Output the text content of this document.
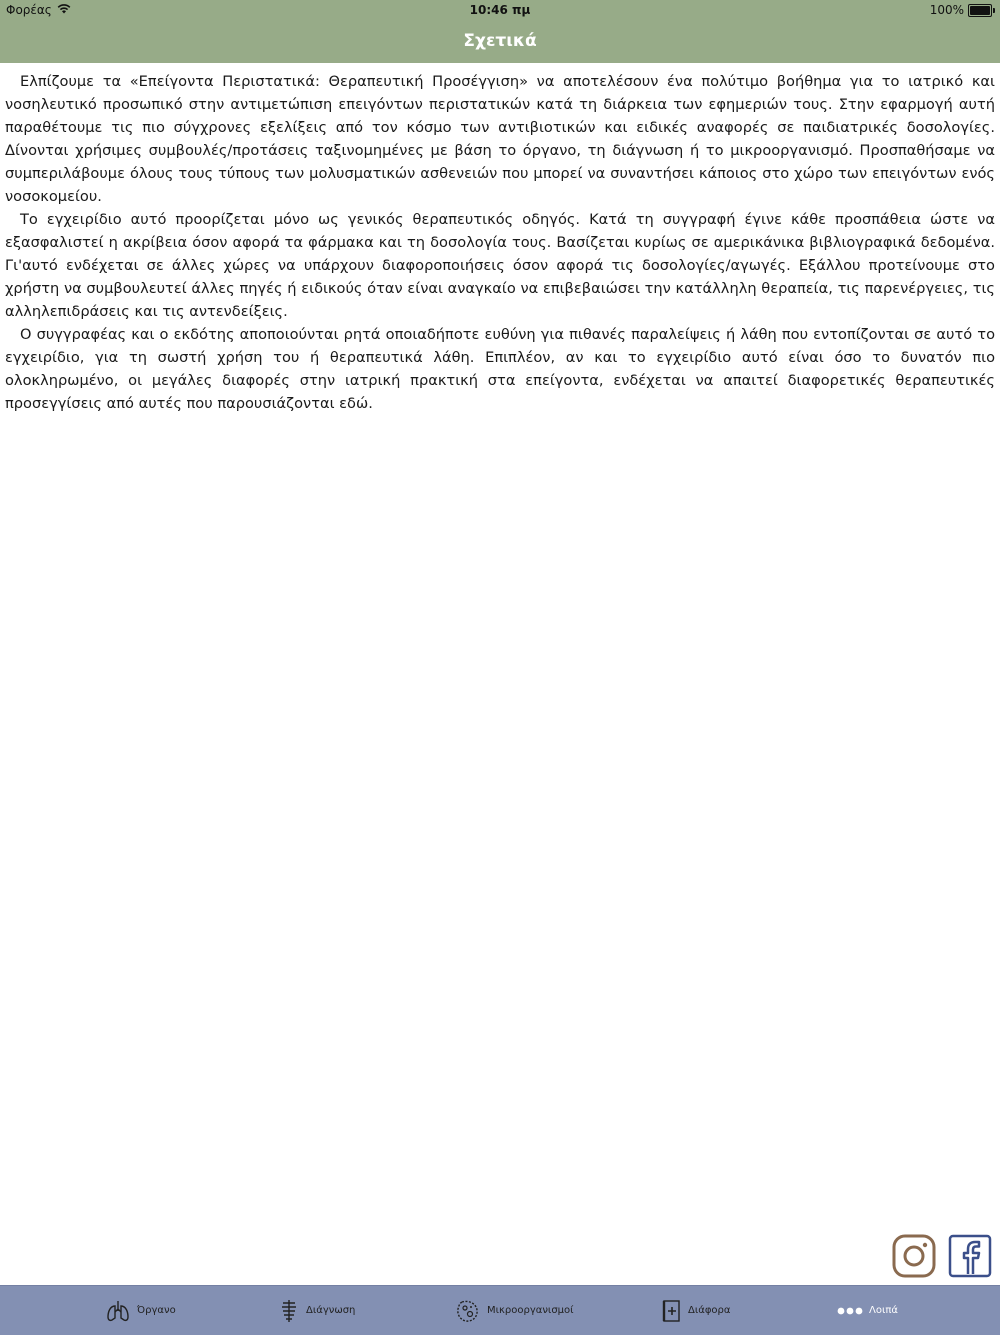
Φορέας	10:46 πμ	100%
Σχετικά

Ελπίζουμε τα «Επείγοντα Περιστατικά: Θεραπευτική Προσέγγιση» να αποτελέσουν ένα πολύτιμο βοήθημα για το ιατρικό και νοσηλευτικό προσωπικό στην αντιμετώπιση επειγόντων περιστατικών κατά τη διάρκεια των εφημεριών τους. Στην εφαρμογή αυτή παραθέτουμε τις πιο σύγχρονες εξελίξεις από τον κόσμο των αντιβιοτικών και ειδικές αναφορές σε παιδιατρικές δοσολογίες. Δίνονται χρήσιμες συμβουλές/προτάσεις ταξινομημένες με βάση το όργανο, τη διάγνωση ή το μικροοργανισμό. Προσπαθήσαμε να συμπεριλάβουμε όλους τους τύπους των μολυσματικών ασθενειών που μπορεί να συναντήσει κάποιος στο χώρο των επειγόντων ενός νοσοκομείου.

Το εγχειρίδιο αυτό προορίζεται μόνο ως γενικός θεραπευτικός οδηγός. Κατά τη συγγραφή έγινε κάθε προσπάθεια ώστε να εξασφαλιστεί η ακρίβεια όσον αφορά τα φάρμακα και τη δοσολογία τους. Βασίζεται κυρίως σε αμερικάνικα βιβλιογραφικά δεδομένα. Γι'αυτό ενδέχεται σε άλλες χώρες να υπάρχουν διαφοροποιήσεις όσον αφορά τις δοσολογίες/αγωγές. Εξάλλου προτείνουμε στο χρήστη να συμβουλευτεί άλλες πηγές ή ειδικούς όταν είναι αναγκαίο να επιβεβαιώσει την κατάλληλη θεραπεία, τις παρενέργειες, τις αλληλεπιδράσεις και τις αντενδείξεις.

Ο συγγραφέας και ο εκδότης αποποιούνται ρητά οποιαδήποτε ευθύνη για πιθανές παραλείψεις ή λάθη που εντοπίζονται σε αυτό το εγχειρίδιο, για τη σωστή χρήση του ή θεραπευτικά λάθη. Επιπλέον, αν και το εγχειρίδιο αυτό είναι όσο το δυνατόν πιο ολοκληρωμένο, οι μεγάλες διαφορές στην ιατρική πρακτική στα επείγοντα, ενδέχεται να απαιτεί διαφορετικές θεραπευτικές προσεγγίσεις από αυτές που παρουσιάζονται εδώ.

Όργανο	Διάγνωση	Μικροοργανισμοί	Διάφορα	Λοιπά
